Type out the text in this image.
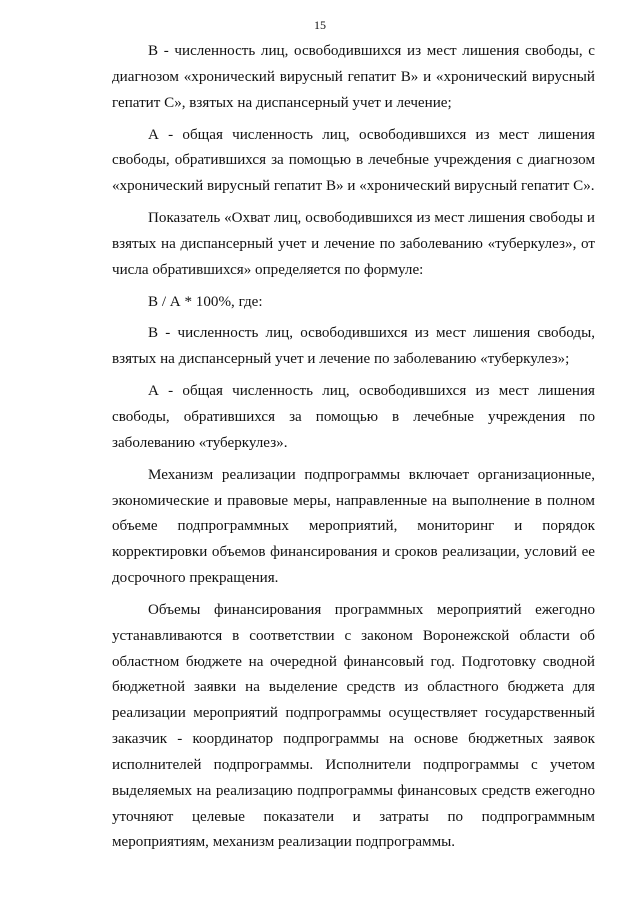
15

В - численность лиц, освободившихся из мест лишения свободы, с диагнозом «хронический вирусный гепатит В» и «хронический вирусный гепатит С», взятых на диспансерный учет и лечение;

А - общая численность лиц, освободившихся из мест лишения свободы, обратившихся за помощью в лечебные учреждения с диагнозом «хронический вирусный гепатит В» и «хронический вирусный гепатит С».

Показатель «Охват лиц, освободившихся из мест лишения свободы и взятых на диспансерный учет и лечение по заболеванию «туберкулез», от числа обратившихся» определяется по формуле:

В / А * 100%, где:

В - численность лиц, освободившихся из мест лишения свободы, взятых на диспансерный учет и лечение по заболеванию «туберкулез»;

А - общая численность лиц, освободившихся из мест лишения свободы, обратившихся за помощью в лечебные учреждения по заболеванию «туберкулез».

Механизм реализации подпрограммы включает организационные, экономические и правовые меры, направленные на выполнение в полном объеме подпрограммных мероприятий, мониторинг и порядок корректировки объемов финансирования и сроков реализации, условий ее досрочного прекращения.

Объемы финансирования программных мероприятий ежегодно устанавливаются в соответствии с законом Воронежской области об областном бюджете на очередной финансовый год. Подготовку сводной бюджетной заявки на выделение средств из областного бюджета для реализации мероприятий подпрограммы осуществляет государственный заказчик - координатор подпрограммы на основе бюджетных заявок исполнителей подпрограммы. Исполнители подпрограммы с учетом выделяемых на реализацию подпрограммы финансовых средств ежегодно уточняют целевые показатели и затраты по подпрограммным мероприятиям, механизм реализации подпрограммы.
